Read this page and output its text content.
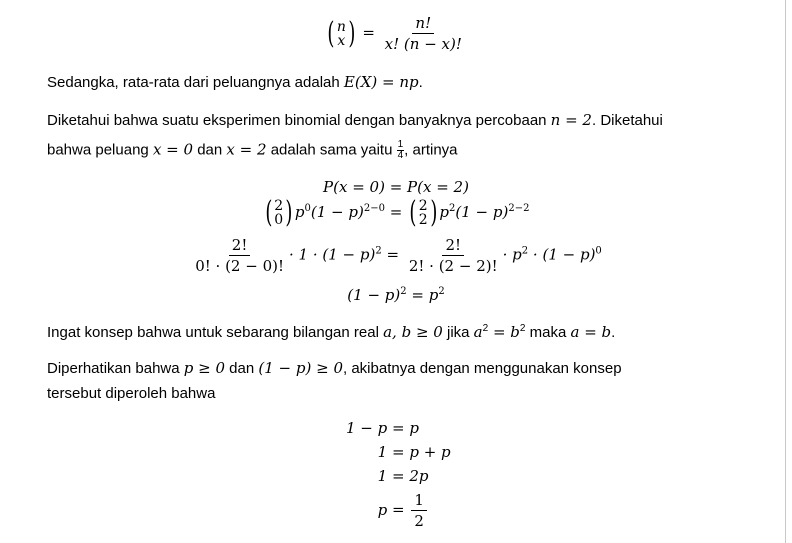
( n
x ) = $\frac{n!}{x! (n - x)!}$
Sedangka, rata-rata dari peluangnya adalah E(X) = np.
Diketahui bahwa suatu eksperimen binomial dengan banyaknya percobaan n = 2. Diketahui
bahwa peluang x = 0 dan x = 2 adalah sama yaitu $\frac{1}{4}$ , artinya
P(x = 0) = P(x = 2)
( 2
0 ) $p^0(1 - p)^{2-0}$ = ( 2
2 ) $p^2(1 - p)^{2-2}$
$\frac{2!}{0! \cdot (2 - 0)!} \cdot 1 \cdot (1 - p)^2 = \frac{2!}{2! \cdot (2 - 2)!} \cdot p^2 \cdot (1 - p)^0$
$(1 - p)^2 = p^2$
Ingat konsep bahwa untuk sebarang bilangan real a, b ≥ 0 jika $a^2 = b^2$ maka a = b.
Diperhatikan bahwa p ≥ 0 dan (1 − p) ≥ 0, akibatnya dengan menggunakan konsep
tersebut diperoleh bahwa
1 − p	= p
1	= p + p
1	= 2p
p	= $\frac{1}{2}$
